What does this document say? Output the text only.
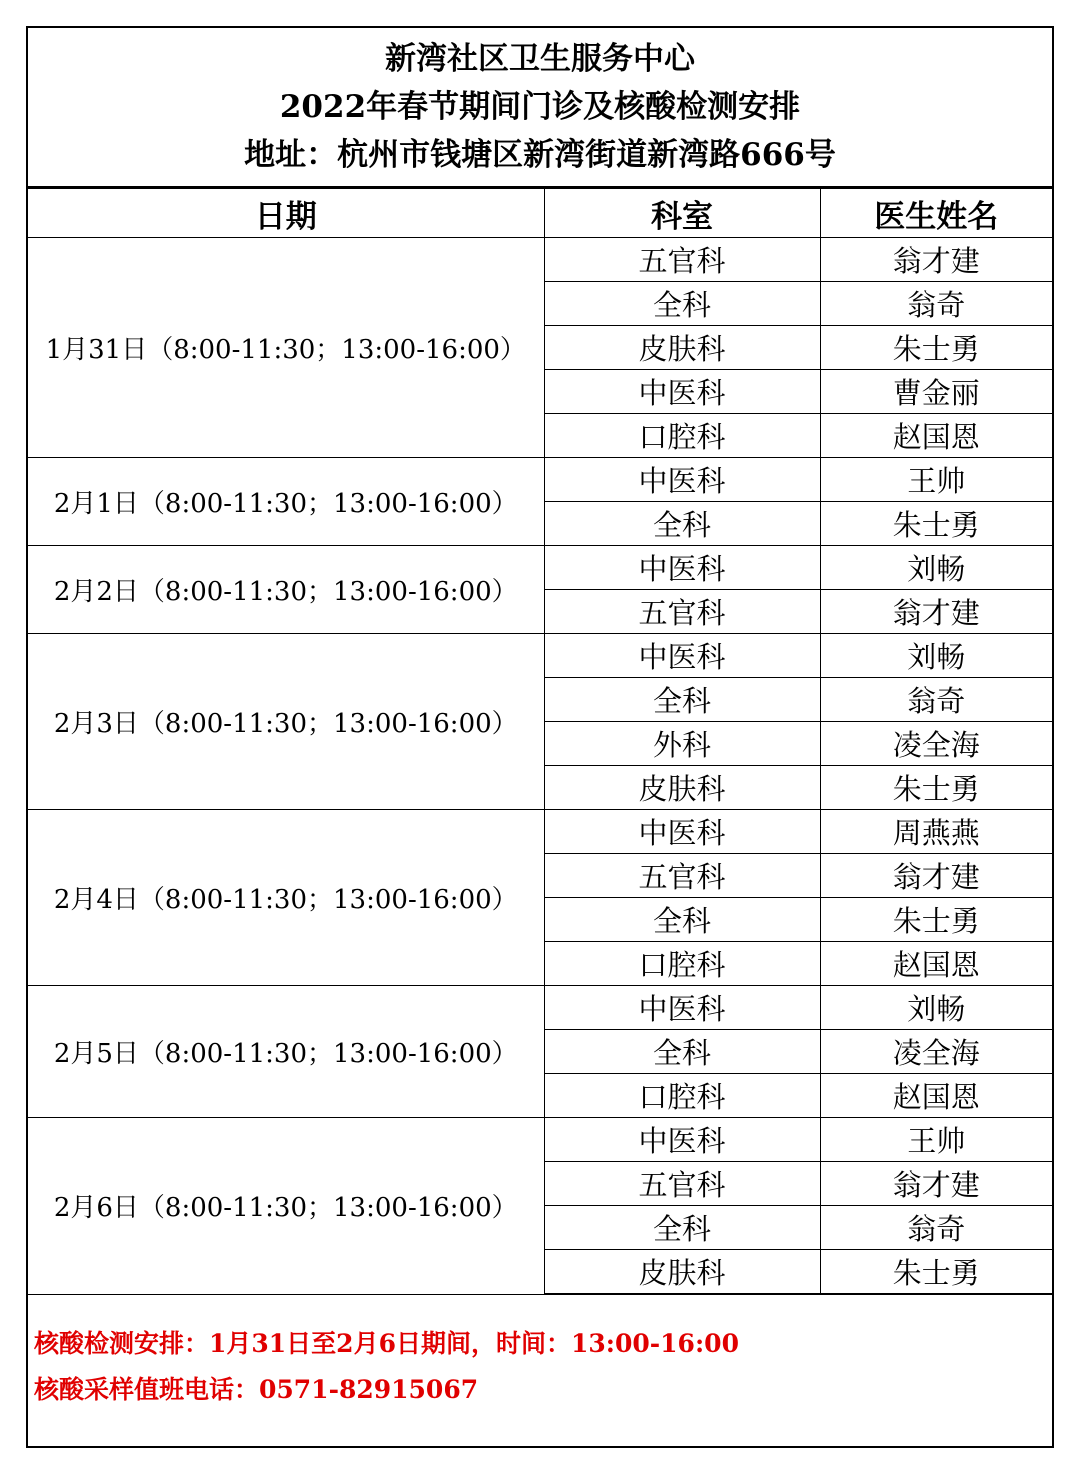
新湾社区卫生服务中心
2022年春节期间门诊及核酸检测安排
地址：杭州市钱塘区新湾街道新湾路666号
日期	科室	医生姓名
1月31日（8:00-11:30；13:00-16:00）	五官科	翁才建
	全科	翁奇
	皮肤科	朱士勇
	中医科	曹金丽
	口腔科	赵国恩
2月1日（8:00-11:30；13:00-16:00）	中医科	王帅
	全科	朱士勇
2月2日（8:00-11:30；13:00-16:00）	中医科	刘畅
	五官科	翁才建
2月3日（8:00-11:30；13:00-16:00）	中医科	刘畅
	全科	翁奇
	外科	凌全海
	皮肤科	朱士勇
2月4日（8:00-11:30；13:00-16:00）	中医科	周燕燕
	五官科	翁才建
	全科	朱士勇
	口腔科	赵国恩
2月5日（8:00-11:30；13:00-16:00）	中医科	刘畅
	全科	凌全海
	口腔科	赵国恩
2月6日（8:00-11:30；13:00-16:00）	中医科	王帅
	五官科	翁才建
	全科	翁奇
	皮肤科	朱士勇
核酸检测安排：1月31日至2月6日期间，时间：13:00-16:00
核酸采样值班电话：0571-82915067
